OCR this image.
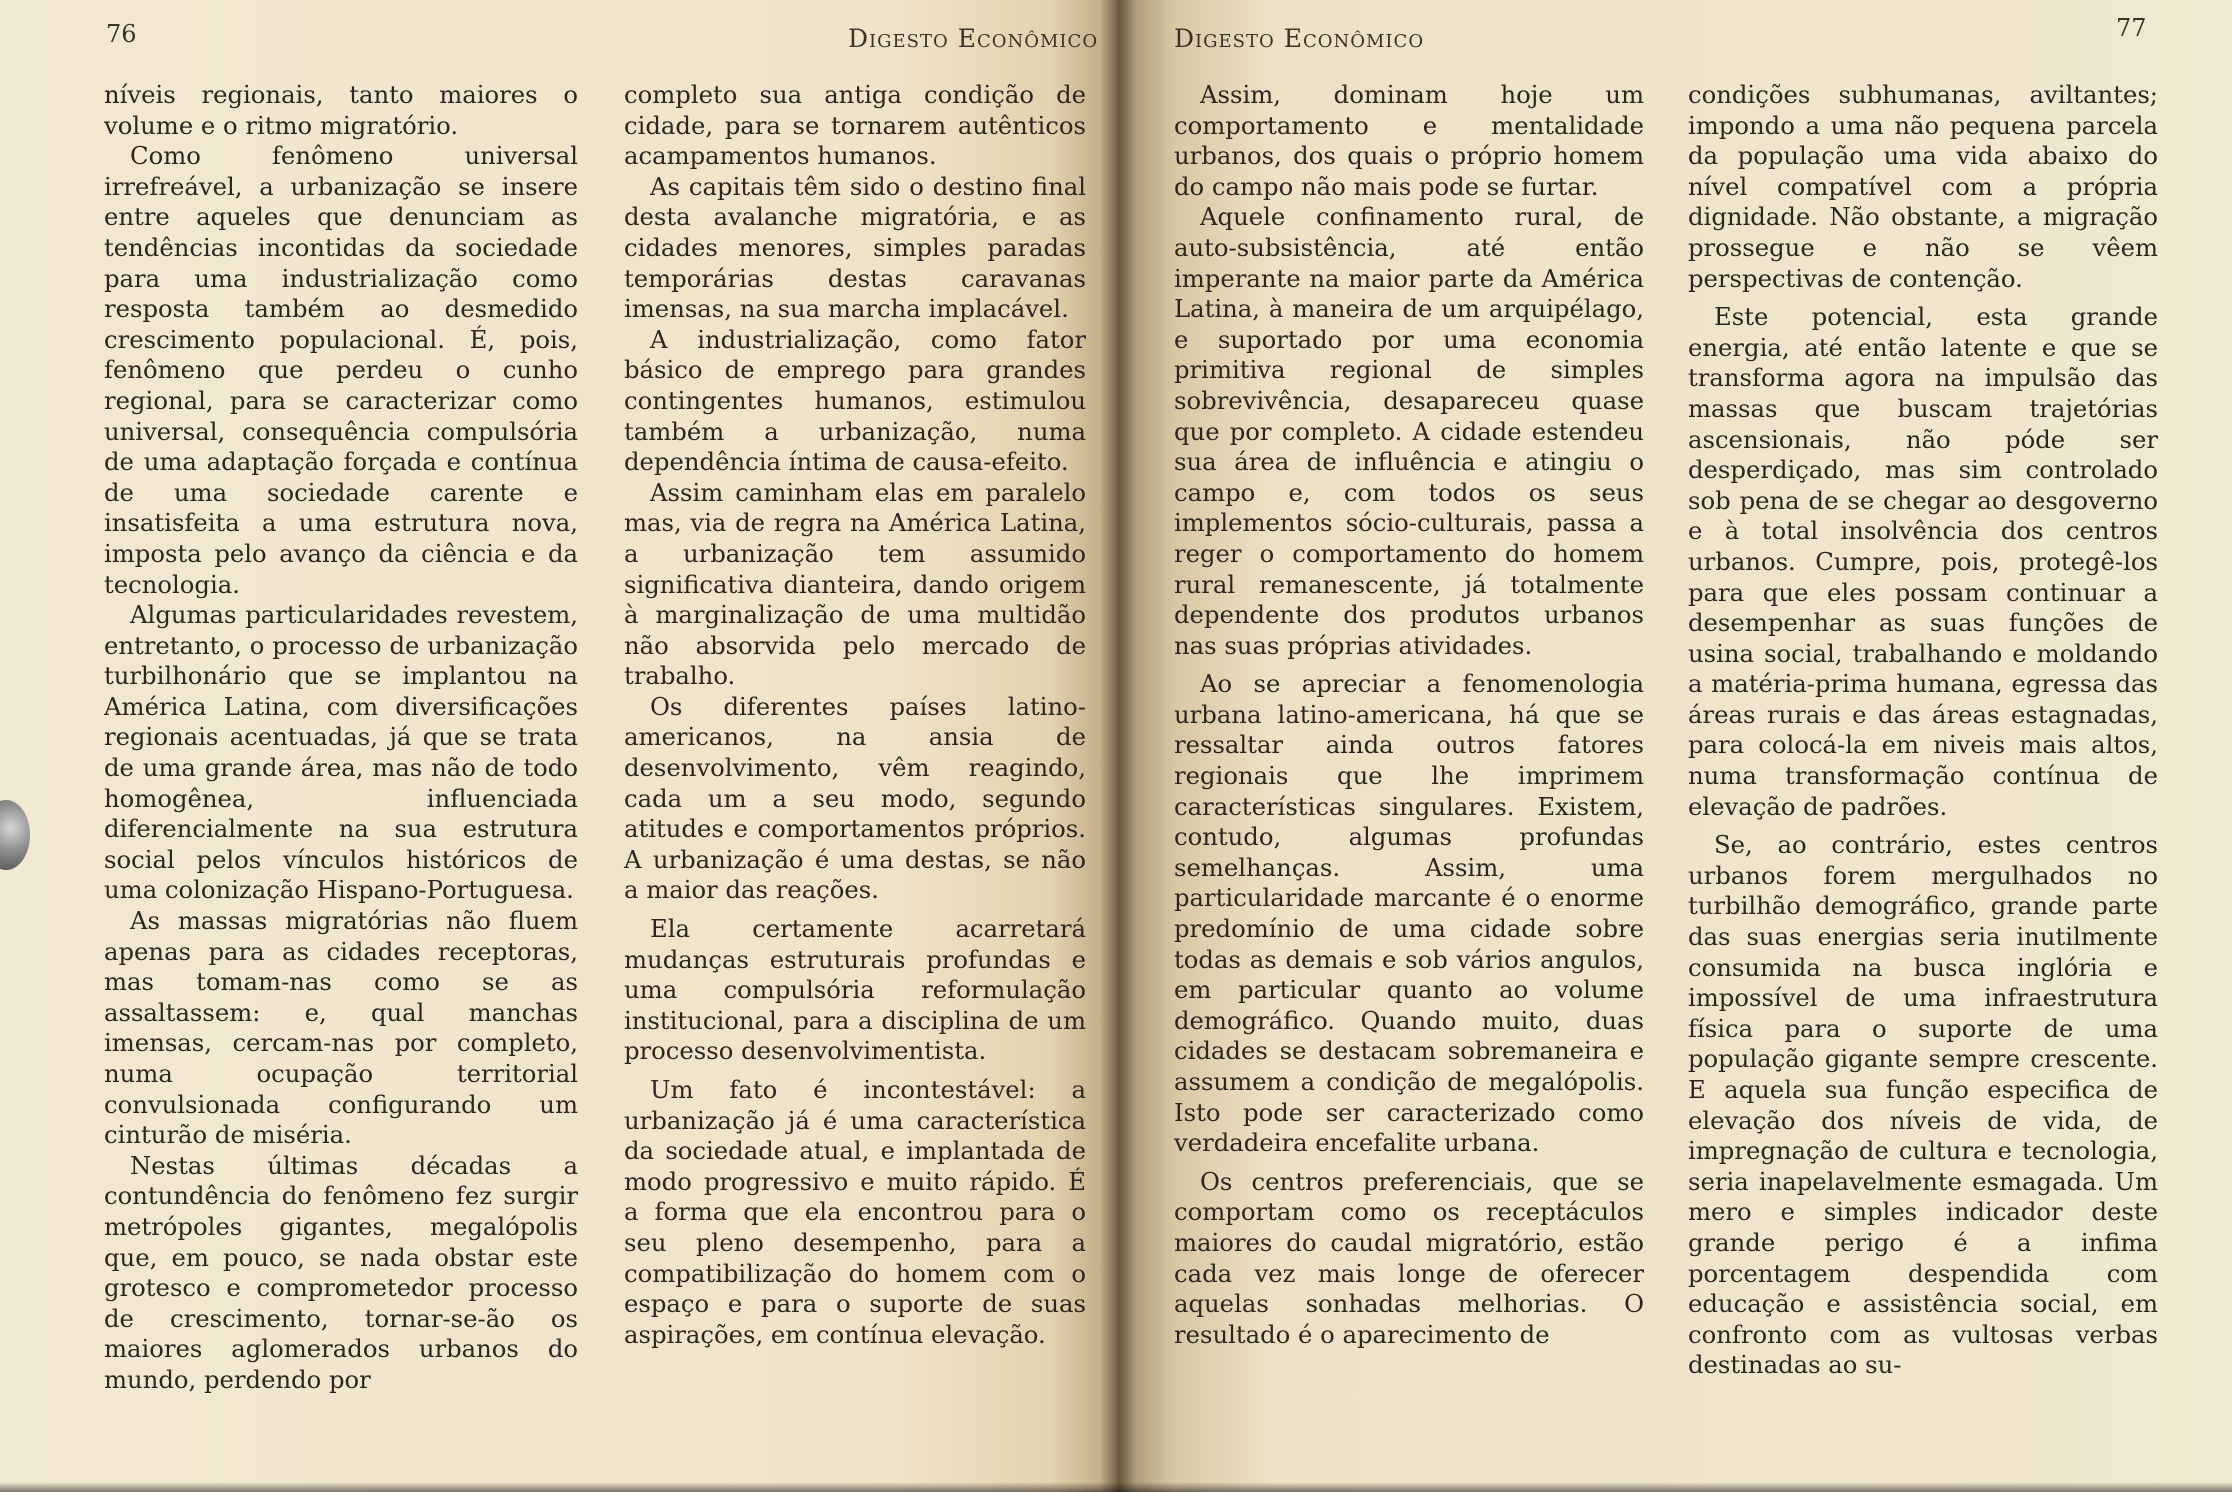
76	Digesto Econômico

níveis regionais, tanto maiores o volume e o ritmo migratório.

Como fenômeno universal irrefreável, a urbanização se insere entre aqueles que denunciam as tendências incontidas da sociedade para uma industrialização como resposta também ao desmedido crescimento populacional. É, pois, fenômeno que perdeu o cunho regional, para se caracterizar como universal, consequência compulsória de uma adaptação forçada e contínua de uma sociedade carente e insatisfeita a uma estrutura nova, imposta pelo avanço da ciência e da tecnologia.

Algumas particularidades revestem, entretanto, o processo de urbanização turbilhonário que se implantou na América Latina, com diversificações regionais acentuadas, já que se trata de uma grande área, mas não de todo homogênea, influenciada diferencialmente na sua estrutura social pelos vínculos históricos de uma colonização Hispano-Portuguesa.

As massas migratórias não fluem apenas para as cidades receptoras, mas tomam-nas como se as assaltassem: e, qual manchas imensas, cercam-nas por completo, numa ocupação territorial convulsionada configurando um cinturão de miséria.

Nestas últimas décadas a contundência do fenômeno fez surgir metrópoles gigantes, megalópolis que, em pouco, se nada obstar este grotesco e comprometedor processo de crescimento, tornar-se-ão os maiores aglomerados urbanos do mundo, perdendo por

completo sua antiga condição de cidade, para se tornarem autênticos acampamentos humanos.

As capitais têm sido o destino final desta avalanche migratória, e as cidades menores, simples paradas temporárias destas caravanas imensas, na sua marcha implacável.

A industrialização, como fator básico de emprego para grandes contingentes humanos, estimulou também a urbanização, numa dependência íntima de causa-efeito.

Assim caminham elas em paralelo mas, via de regra na América Latina, a urbanização tem assumido significativa dianteira, dando origem à marginalização de uma multidão não absorvida pelo mercado de trabalho.

Os diferentes países latino-americanos, na ansia de desenvolvimento, vêm reagindo, cada um a seu modo, segundo atitudes e comportamentos próprios. A urbanização é uma destas, se não a maior das reações.

Ela certamente acarretará mudanças estruturais profundas e uma compulsória reformulação institucional, para a disciplina de um processo desenvolvimentista.

Um fato é incontestável: a urbanização já é uma característica da sociedade atual, e implantada de modo progressivo e muito rápido. É a forma que ela encontrou para o seu pleno desempenho, para a compatibilização do homem com o espaço e para o suporte de suas aspirações, em contínua elevação.

Digesto Econômico	77

Assim, dominam hoje um comportamento e mentalidade urbanos, dos quais o próprio homem do campo não mais pode se furtar.

Aquele confinamento rural, de auto-subsistência, até então imperante na maior parte da América Latina, à maneira de um arquipélago, e suportado por uma economia primitiva regional de simples sobrevivência, desapareceu quase que por completo. A cidade estendeu sua área de influência e atingiu o campo e, com todos os seus implementos sócio-culturais, passa a reger o comportamento do homem rural remanescente, já totalmente dependente dos produtos urbanos nas suas próprias atividades.

Ao se apreciar a fenomenologia urbana latino-americana, há que se ressaltar ainda outros fatores regionais que lhe imprimem características singulares. Existem, contudo, algumas profundas semelhanças. Assim, uma particularidade marcante é o enorme predomínio de uma cidade sobre todas as demais e sob vários angulos, em particular quanto ao volume demográfico. Quando muito, duas cidades se destacam sobremaneira e assumem a condição de megalópolis. Isto pode ser caracterizado como verdadeira encefalite urbana.

Os centros preferenciais, que se comportam como os receptáculos maiores do caudal migratório, estão cada vez mais longe de oferecer aquelas sonhadas melhorias. O resultado é o aparecimento de

condições subhumanas, aviltantes; impondo a uma não pequena parcela da população uma vida abaixo do nível compatível com a própria dignidade. Não obstante, a migração prossegue e não se vêem perspectivas de contenção.

Este potencial, esta grande energia, até então latente e que se transforma agora na impulsão das massas que buscam trajetórias ascensionais, não póde ser desperdiçado, mas sim controlado sob pena de se chegar ao desgoverno e à total insolvência dos centros urbanos. Cumpre, pois, protegê-los para que eles possam continuar a desempenhar as suas funções de usina social, trabalhando e moldando a matéria-prima humana, egressa das áreas rurais e das áreas estagnadas, para colocá-la em niveis mais altos, numa transformação contínua de elevação de padrões.

Se, ao contrário, estes centros urbanos forem mergulhados no turbilhão demográfico, grande parte das suas energias seria inutilmente consumida na busca inglória e impossível de uma infraestrutura física para o suporte de uma população gigante sempre crescente. E aquela sua função especifica de elevação dos níveis de vida, de impregnação de cultura e tecnologia, seria inapelavelmente esmagada. Um mero e simples indicador deste grande perigo é a infima porcentagem despendida com educação e assistência social, em confronto com as vultosas verbas destinadas ao su-
